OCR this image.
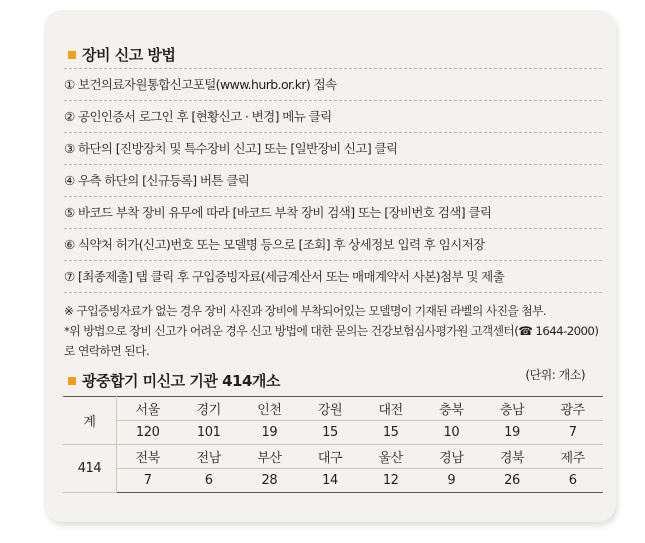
장비 신고 방법
① 보건의료자원통합신고포털(www.hurb.or.kr) 접속
② 공인인증서 로그인 후 [현황신고 · 변경] 메뉴 클릭
③ 하단의 [진방장치 및 특수장비 신고] 또는 [일반장비 신고] 클릭
④ 우측 하단의 [신규등록] 버튼 클릭
⑤ 바코드 부착 장비 유무에 따라 [바코드 부착 장비 검색] 또는 [장비번호 검색] 클릭
⑥ 식약처 허가(신고)번호 또는 모델명 등으로 [조회] 후 상세정보 입력 후 임시저장
⑦ [최종제출] 탭 클릭 후 구입증빙자료(세금계산서 또는 매매계약서 사본)첨부 및 제출
※ 구입증빙자료가 없는 경우 장비 사진과 장비에 부착되어있는 모델명이 기재된 라벨의 사진을 첨부.
*위 방법으로 장비 신고가 어려운 경우 신고 방법에 대한 문의는 건강보험심사평가원 고객센터(☎ 1644-2000)로 연락하면 된다.
광중합기 미신고 기관 414개소	(단위: 개소)
계	서울	경기	인천	강원	대전	충북	충남	광주
	120	101	19	15	15	10	19	7
414	전북	전남	부산	대구	울산	경남	경북	제주
	7	6	28	14	12	9	26	6
